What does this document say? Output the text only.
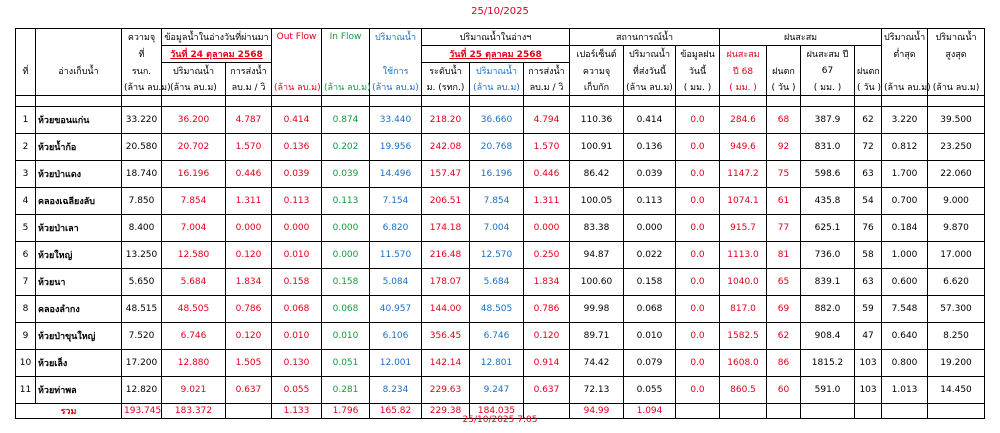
25/10/2025
		ความจุ	ข้อมูลน้ำในอ่างวันที่ผ่านมา		Out Flow	In Flow	ปริมาณน้ำ	ปริมาณน้ำในอ่างฯ			สถานการณ์น้ำ			ฝนสะสม				ปริมาณน้ำ	ปริมาณน้ำ
		ที่	วันที่ 24 ตุลาคม 2568					วันที่ 25 ตุลาคม 2568			เปอร์เซ็นต์	ปริมาณน้ำ	ข้อมูลฝน	ฝนสะสม		ฝนสะสม ปี		ต่ำสุด	สูงสุด
ที่	อ่างเก็บน้ำ	รนก.	ปริมาณน้ำ	การส่งน้ำ			ใช้การ	ระดับน้ำ	ปริมาณน้ำ	การส่งน้ำ	ความจุ	ที่ส่งวันนี้	วันนี้	ปี 68	ฝนตก	67	ฝนตก		
		(ล้าน ลบ.ม)	(ล้าน ลบ.ม)	ลบ.ม / วิ	(ล้าน ลบ.ม)	(ล้าน ลบ.ม)	(ล้าน ลบ.ม)	ม. (รทก.)	(ล้าน ลบ.ม)	ลบ.ม / วิ	เก็บกัก	(ล้าน ลบ.ม)	( มม. )	( มม. )	( วัน )	( มม. )	( วัน )	(ล้าน ลบ.ม)	(ล้าน ลบ.ม)

1	ห้วยขอนแก่น	33.220	36.200	4.787	0.414	0.874	33.440	218.20	36.660	4.794	110.36	0.414	0.0	284.6	68	387.9	62	3.220	39.500
2	ห้วยน้ำก้อ	20.580	20.702	1.570	0.136	0.202	19.956	242.08	20.768	1.570	100.91	0.136	0.0	949.6	92	831.0	72	0.812	23.250
3	ห้วยป่าแดง	18.740	16.196	0.446	0.039	0.039	14.496	157.47	16.196	0.446	86.42	0.039	0.0	1147.2	75	598.6	63	1.700	22.060
4	คลองเฉลียงลับ	7.850	7.854	1.311	0.113	0.113	7.154	206.51	7.854	1.311	100.05	0.113	0.0	1074.1	61	435.8	54	0.700	9.000
5	ห้วยป่าเลา	8.400	7.004	0.000	0.000	0.000	6.820	174.18	7.004	0.000	83.38	0.000	0.0	915.7	77	625.1	76	0.184	9.870
6	ห้วยใหญ่	13.250	12.580	0.120	0.010	0.000	11.570	216.48	12.570	0.250	94.87	0.022	0.0	1113.0	81	736.0	58	1.000	17.000
7	ห้วยนา	5.650	5.684	1.834	0.158	0.158	5.084	178.07	5.684	1.834	100.60	0.158	0.0	1040.0	65	839.1	63	0.600	6.620
8	คลองลำกง	48.515	48.505	0.786	0.068	0.068	40.957	144.00	48.505	0.786	99.98	0.068	0.0	817.0	69	882.0	59	7.548	57.300
9	ห้วยป่าขุนใหญ่	7.520	6.746	0.120	0.010	0.010	6.106	356.45	6.746	0.120	89.71	0.010	0.0	1582.5	62	908.4	47	0.640	8.250
10	ห้วยเล็ง	17.200	12.880	1.505	0.130	0.051	12.001	142.14	12.801	0.914	74.42	0.079	0.0	1608.0	86	1815.2	103	0.800	19.200
11	ห้วยท่าพล	12.820	9.021	0.637	0.055	0.281	8.234	229.63	9.247	0.637	72.13	0.055	0.0	860.5	60	591.0	103	1.013	14.450
รวม		193.745	183.372		1.133	1.796	165.82	229.38	184.035		94.99	1.094							
25/10/2025 7:05
